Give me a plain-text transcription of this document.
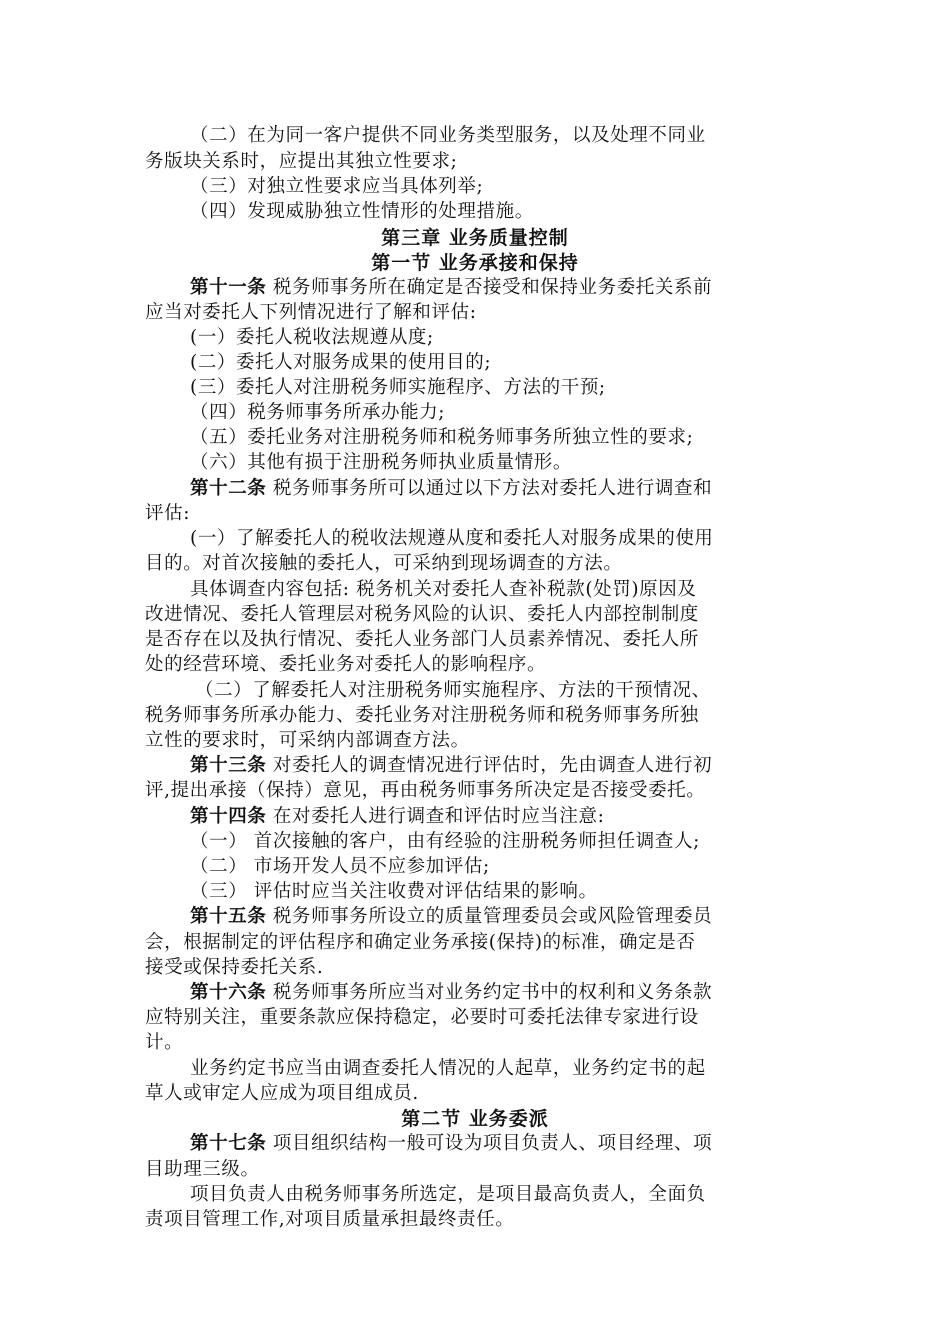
（二）在为同一客户提供不同业务类型服务，以及处理不同业
务版块关系时，应提出其独立性要求;
（三）对独立性要求应当具体列举;
（四）发现威胁独立性情形的处理措施。
第三章 业务质量控制
第一节 业务承接和保持
第十一条 税务师事务所在确定是否接受和保持业务委托关系前
应当对委托人下列情况进行了解和评估:
(一）委托人税收法规遵从度;
(二）委托人对服务成果的使用目的;
(三）委托人对注册税务师实施程序、方法的干预;
（四）税务师事务所承办能力;
（五）委托业务对注册税务师和税务师事务所独立性的要求;
（六）其他有损于注册税务师执业质量情形。
第十二条 税务师事务所可以通过以下方法对委托人进行调查和
评估:
(一）了解委托人的税收法规遵从度和委托人对服务成果的使用
目的。对首次接触的委托人，可采纳到现场调查的方法。
具体调查内容包括: 税务机关对委托人查补税款(处罚)原因及
改进情况、委托人管理层对税务风险的认识、委托人内部控制制度
是否存在以及执行情况、委托人业务部门人员素养情况、委托人所
处的经营环境、委托业务对委托人的影响程序。
（二）了解委托人对注册税务师实施程序、方法的干预情况、
税务师事务所承办能力、委托业务对注册税务师和税务师事务所独
立性的要求时，可采纳内部调查方法。
第十三条 对委托人的调查情况进行评估时，先由调查人进行初
评,提出承接（保持）意见，再由税务师事务所决定是否接受委托。
第十四条 在对委托人进行调查和评估时应当注意:
（一） 首次接触的客户，由有经验的注册税务师担任调查人;
（二） 市场开发人员不应参加评估;
（三） 评估时应当关注收费对评估结果的影响。
第十五条 税务师事务所设立的质量管理委员会或风险管理委员
会，根据制定的评估程序和确定业务承接(保持)的标准，确定是否
接受或保持委托关系.
第十六条 税务师事务所应当对业务约定书中的权利和义务条款
应特别关注，重要条款应保持稳定，必要时可委托法律专家进行设
计。
业务约定书应当由调查委托人情况的人起草，业务约定书的起
草人或审定人应成为项目组成员.
第二节 业务委派
第十七条 项目组织结构一般可设为项目负责人、项目经理、项
目助理三级。
项目负责人由税务师事务所选定，是项目最高负责人，全面负
责项目管理工作,对项目质量承担最终责任。
